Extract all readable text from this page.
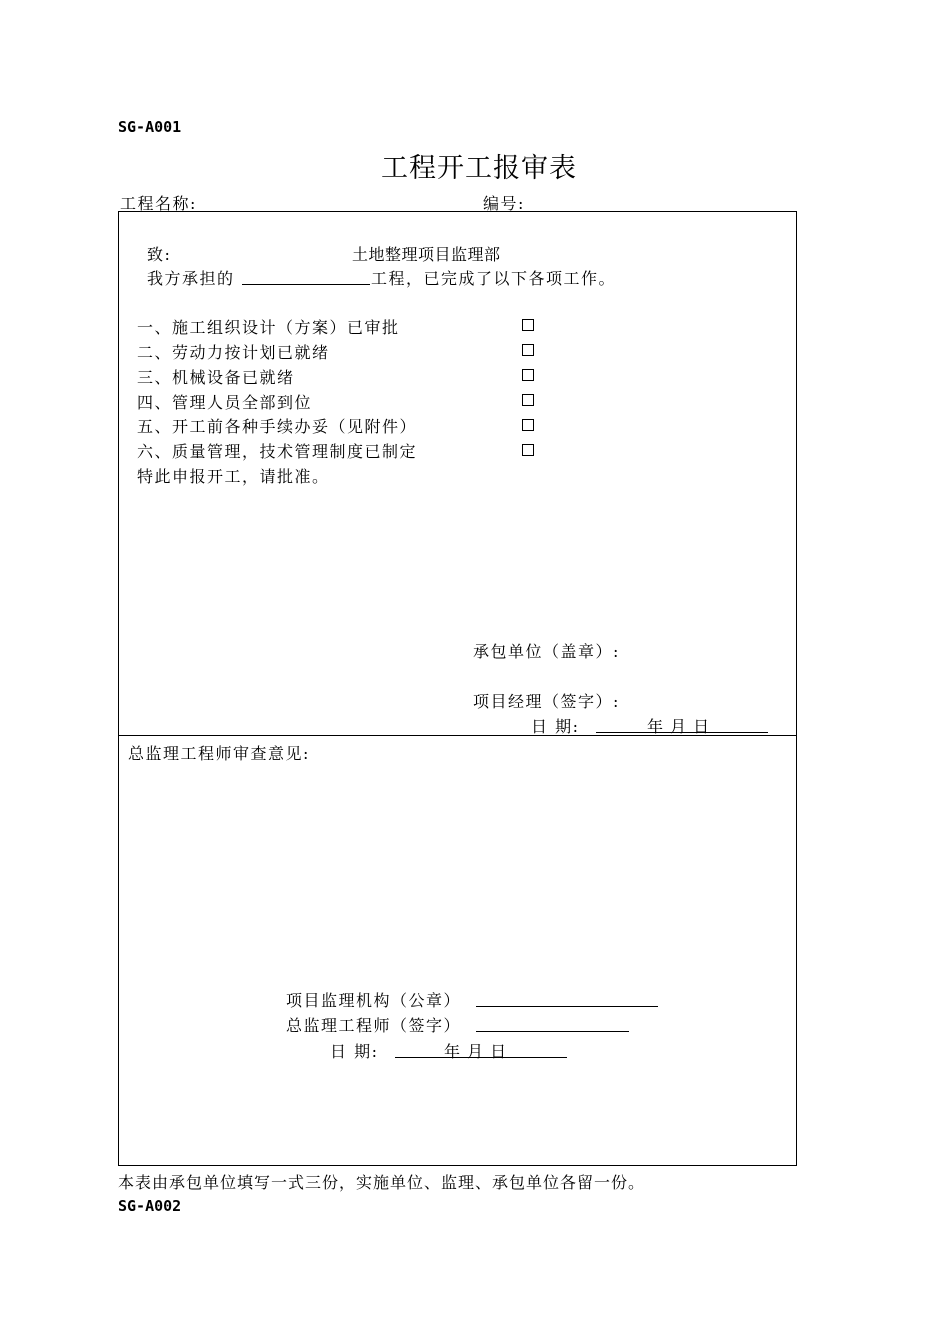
SG-A001
工程开工报审表
工程名称:	编号:
致:	土地整理项目监理部
我方承担的	工程，已完成了以下各项工作。
一、施工组织设计（方案）已审批
二、劳动力按计划已就绪
三、机械设备已就绪
四、管理人员全部到位
五、开工前各种手续办妥（见附件）
六、质量管理，技术管理制度已制定
特此申报开工，请批准。
承包单位（盖章）:
项目经理（签字）:
日 期:	年 月 日
总监理工程师审查意见:
项目监理机构（公章）
总监理工程师（签字）
日 期:	年 月 日
本表由承包单位填写一式三份，实施单位、监理、承包单位各留一份。
SG-A002
